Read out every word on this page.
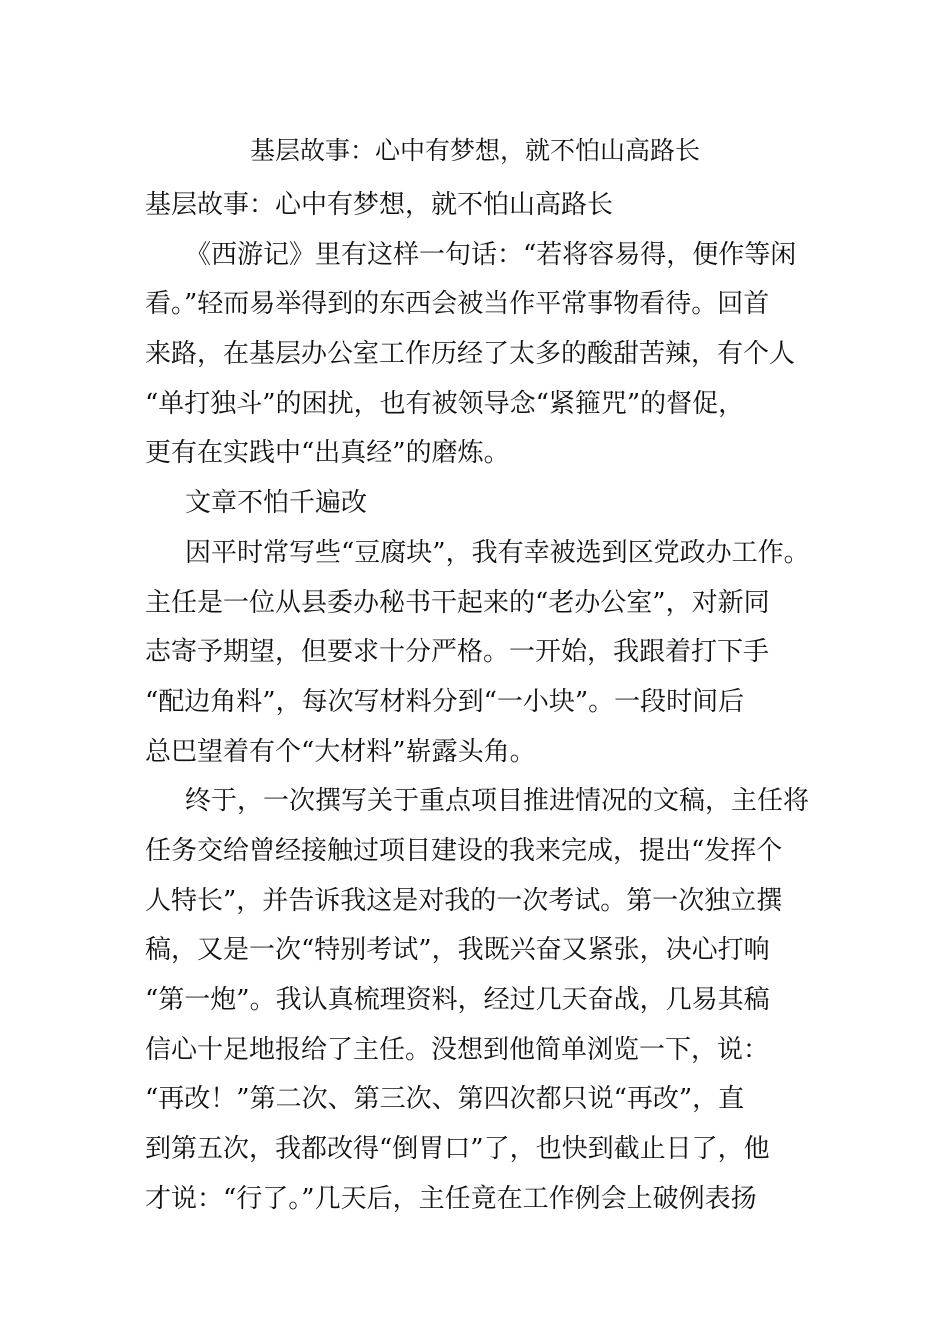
基层故事：心中有梦想，就不怕山高路长
基层故事：心中有梦想，就不怕山高路长
《西游记》里有这样一句话：“若将容易得，便作等闲
看。”轻而易举得到的东西会被当作平常事物看待。回首
来路，在基层办公室工作历经了太多的酸甜苦辣，有个人
“单打独斗”的困扰，也有被领导念“紧箍咒”的督促，
更有在实践中“出真经”的磨炼。
文章不怕千遍改
因平时常写些“豆腐块”，我有幸被选到区党政办工作。
主任是一位从县委办秘书干起来的“老办公室”，对新同
志寄予期望，但要求十分严格。一开始，我跟着打下手
“配边角料”，每次写材料分到“一小块”。一段时间后
总巴望着有个“大材料”崭露头角。
终于，一次撰写关于重点项目推进情况的文稿，主任将
任务交给曾经接触过项目建设的我来完成，提出“发挥个
人特长”，并告诉我这是对我的一次考试。第一次独立撰
稿，又是一次“特别考试”，我既兴奋又紧张，决心打响
“第一炮”。我认真梳理资料，经过几天奋战，几易其稿
信心十足地报给了主任。没想到他简单浏览一下，说：
“再改！”第二次、第三次、第四次都只说“再改”，直
到第五次，我都改得“倒胃口”了，也快到截止日了，他
才说：“行了。”几天后，主任竟在工作例会上破例表扬
